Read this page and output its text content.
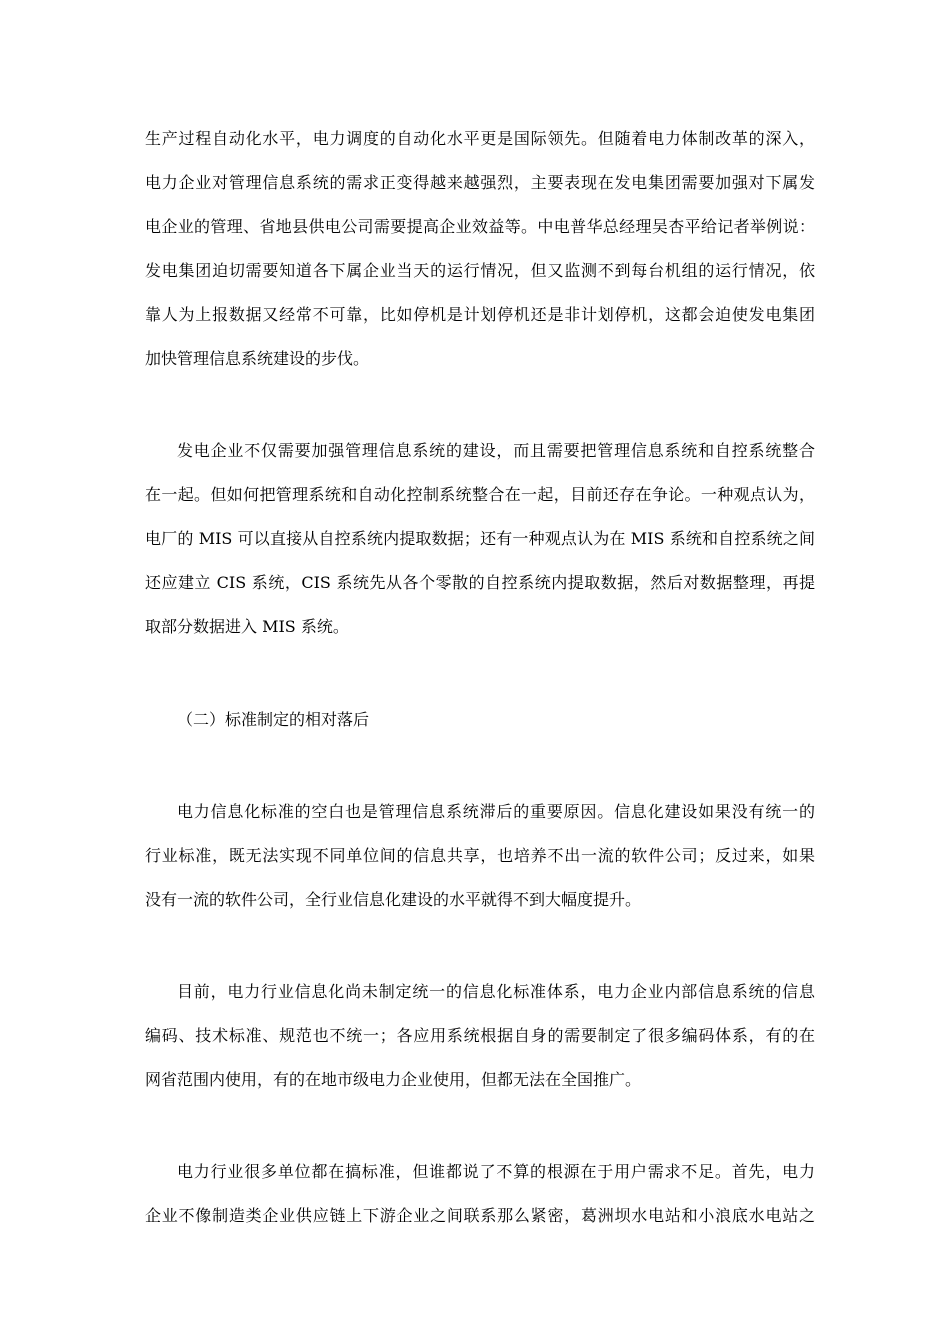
生产过程自动化水平，电力调度的自动化水平更是国际领先。但随着电力体制改革的深入，
电力企业对管理信息系统的需求正变得越来越强烈，主要表现在发电集团需要加强对下属发
电企业的管理、省地县供电公司需要提高企业效益等。中电普华总经理吴杏平给记者举例说：
发电集团迫切需要知道各下属企业当天的运行情况，但又监测不到每台机组的运行情况，依
靠人为上报数据又经常不可靠，比如停机是计划停机还是非计划停机，这都会迫使发电集团
加快管理信息系统建设的步伐。
发电企业不仅需要加强管理信息系统的建设，而且需要把管理信息系统和自控系统整合
在一起。但如何把管理系统和自动化控制系统整合在一起，目前还存在争论。一种观点认为，
电厂的 MIS 可以直接从自控系统内提取数据；还有一种观点认为在 MIS 系统和自控系统之间
还应建立 CIS 系统，CIS 系统先从各个零散的自控系统内提取数据，然后对数据整理，再提
取部分数据进入 MIS 系统。
（二）标准制定的相对落后
电力信息化标准的空白也是管理信息系统滞后的重要原因。信息化建设如果没有统一的
行业标准，既无法实现不同单位间的信息共享，也培养不出一流的软件公司；反过来，如果
没有一流的软件公司，全行业信息化建设的水平就得不到大幅度提升。
目前，电力行业信息化尚未制定统一的信息化标准体系，电力企业内部信息系统的信息
编码、技术标准、规范也不统一；各应用系统根据自身的需要制定了很多编码体系，有的在
网省范围内使用，有的在地市级电力企业使用，但都无法在全国推广。
电力行业很多单位都在搞标准，但谁都说了不算的根源在于用户需求不足。首先，电力
企业不像制造类企业供应链上下游企业之间联系那么紧密，葛洲坝水电站和小浪底水电站之
